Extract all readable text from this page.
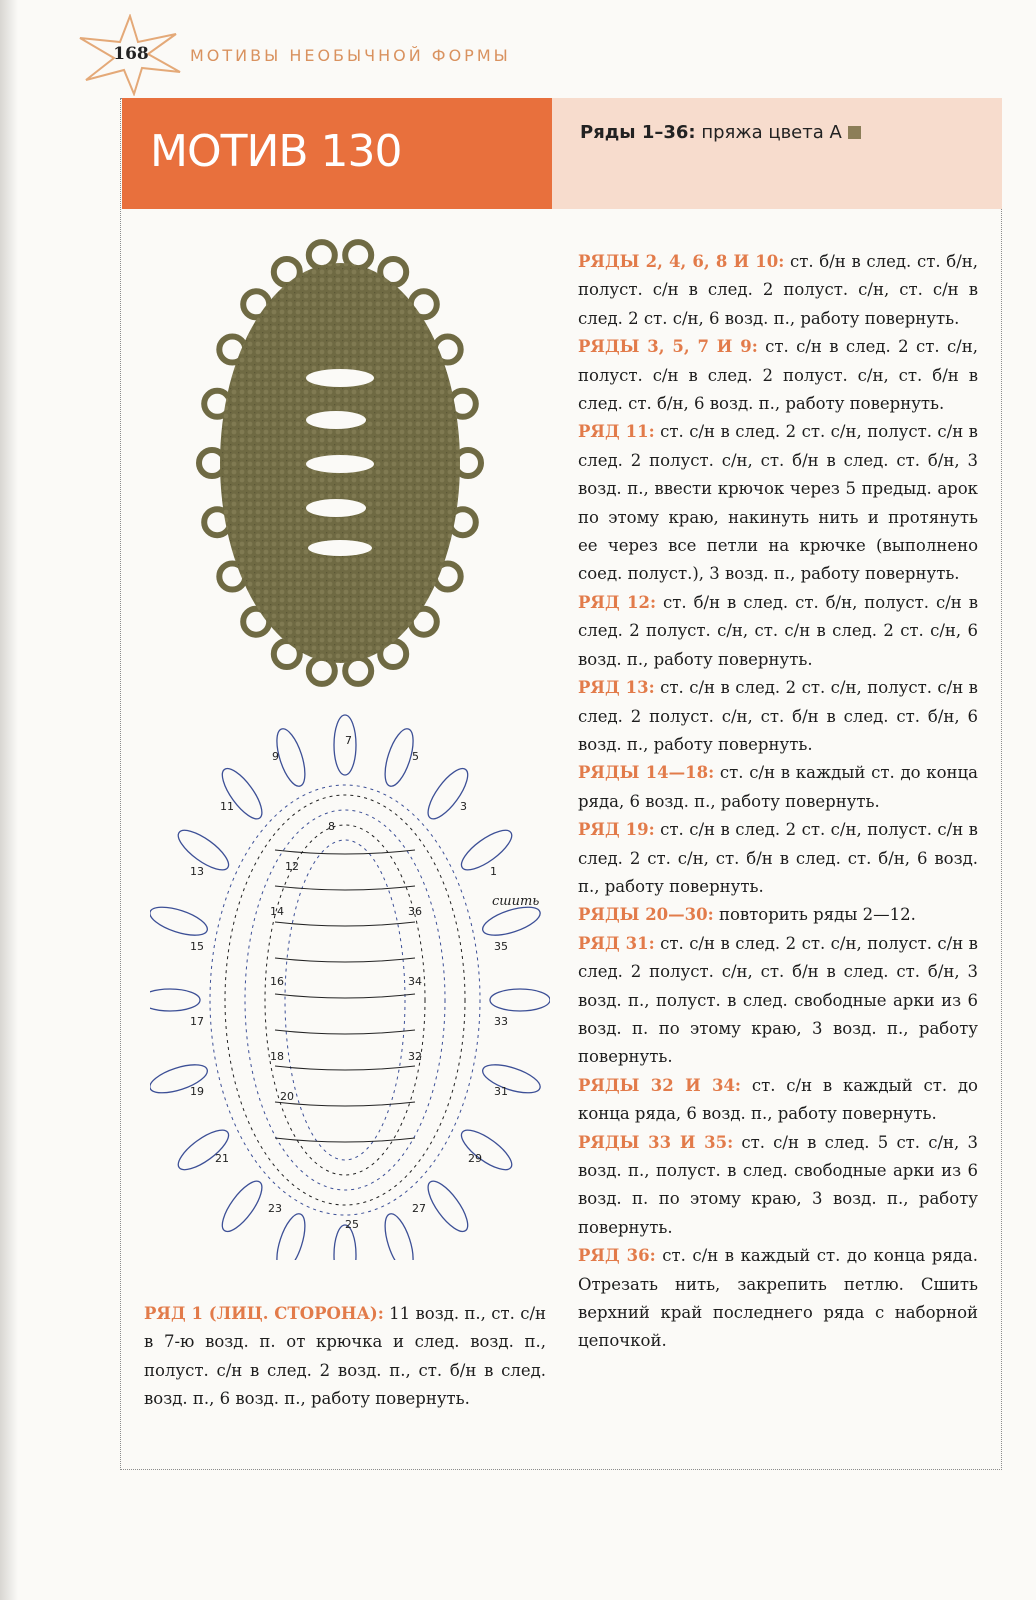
168	МОТИВЫ НЕОБЫЧНОЙ ФОРМЫ
МОТИВ 130	Ряды 1–36: пряжа цвета А
1
3
5
7
9
11
13
14
15
16
17
18
19	20
21
23
25
27
29
31
32
33
34
35
36
8
12
сшить

РЯДЫ 2, 4, 6, 8 И 10: ст. б/н в след. ст. б/н, полуст. с/н в след. 2 полуст. с/н, ст. с/н в след. 2 ст. с/н, 6 возд. п., работу повернуть.

РЯДЫ 3, 5, 7 И 9: ст. с/н в след. 2 ст. с/н, полуст. с/н в след. 2 полуст. с/н, ст. б/н в след. ст. б/н, 6 возд. п., работу повернуть.

РЯД 11: ст. с/н в след. 2 ст. с/н, полуст. с/н в след. 2 полуст. с/н, ст. б/н в след. ст. б/н, 3 возд. п., ввести крючок через 5 предыд. арок по этому краю, накинуть нить и протянуть ее через все петли на крючке (выполнено соед. полуст.), 3 возд. п., работу повернуть.

РЯД 12: ст. б/н в след. ст. б/н, полуст. с/н в след. 2 полуст. с/н, ст. с/н в след. 2 ст. с/н, 6 возд. п., работу повернуть.

РЯД 13: ст. с/н в след. 2 ст. с/н, полуст. с/н в след. 2 полуст. с/н, ст. б/н в след. ст. б/н, 6 возд. п., работу повернуть.

РЯДЫ 14—18: ст. с/н в каждый ст. до конца ряда, 6 возд. п., работу повернуть.

РЯД 19: ст. с/н в след. 2 ст. с/н, полуст. с/н в след. 2 ст. с/н, ст. б/н в след. ст. б/н, 6 возд. п., работу повернуть.

РЯДЫ 20—30: повторить ряды 2—12.

РЯД 31: ст. с/н в след. 2 ст. с/н, полуст. с/н в след. 2 полуст. с/н, ст. б/н в след. ст. б/н, 3 возд. п., полуст. в след. свободные арки из 6 возд. п. по этому краю, 3 возд. п., работу повернуть.

РЯДЫ 32 И 34: ст. с/н в каждый ст. до конца ряда, 6 возд. п., работу повернуть.

РЯДЫ 33 И 35: ст. с/н в след. 5 ст. с/н, 3 возд. п., полуст. в след. свободные арки из 6 возд. п. по этому краю, 3 возд. п., работу повернуть.

РЯД 36: ст. с/н в каждый ст. до конца ряда. Отрезать нить, закрепить петлю. Сшить верхний край последнего ряда с наборной цепочкой.

РЯД 1 (ЛИЦ. СТОРОНА): 11 возд. п., ст. с/н в 7-ю возд. п. от крючка и след. возд. п., полуст. с/н в след. 2 возд. п., ст. б/н в след. возд. п., 6 возд. п., работу повернуть.
